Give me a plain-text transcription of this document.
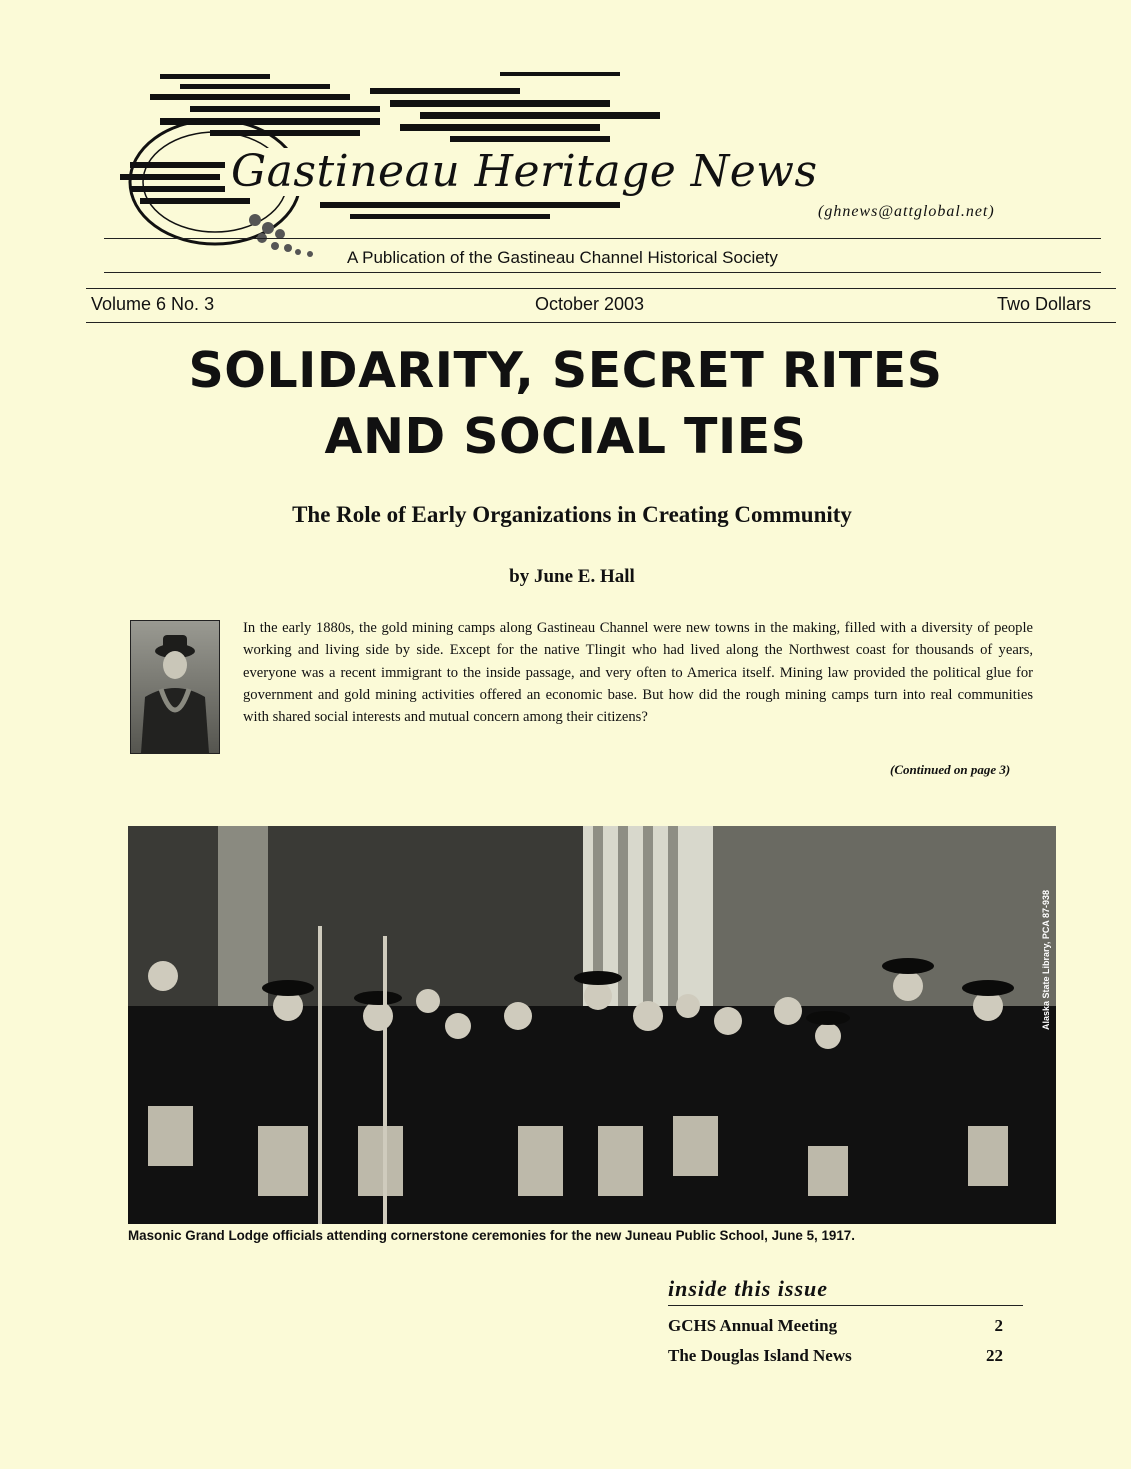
Gastineau Heritage News
(ghnews@attglobal.net)
A Publication of the Gastineau Channel Historical Society
Volume 6 No. 3	October 2003	Two Dollars
SOLIDARITY, SECRET RITES
AND SOCIAL TIES
The Role of Early Organizations in Creating Community
by June E. Hall
In the early 1880s, the gold mining camps along Gastineau Channel were new towns in the making, filled with a diversity of people working and living side by side. Except for the native Tlingit who had lived along the Northwest coast for thousands of years, everyone was a recent immigrant to the inside passage, and very often to America itself. Mining law provided the political glue for government and gold mining activities offered an economic base. But how did the rough mining camps turn into real communities with shared social interests and mutual concern among their citizens?
(Continued on page 3)
Alaska State Library, PCA 87-938
Masonic Grand Lodge officials attending cornerstone ceremonies for the new Juneau Public School, June 5, 1917.
inside this issue
GCHS Annual Meeting	2
The Douglas Island News	22
